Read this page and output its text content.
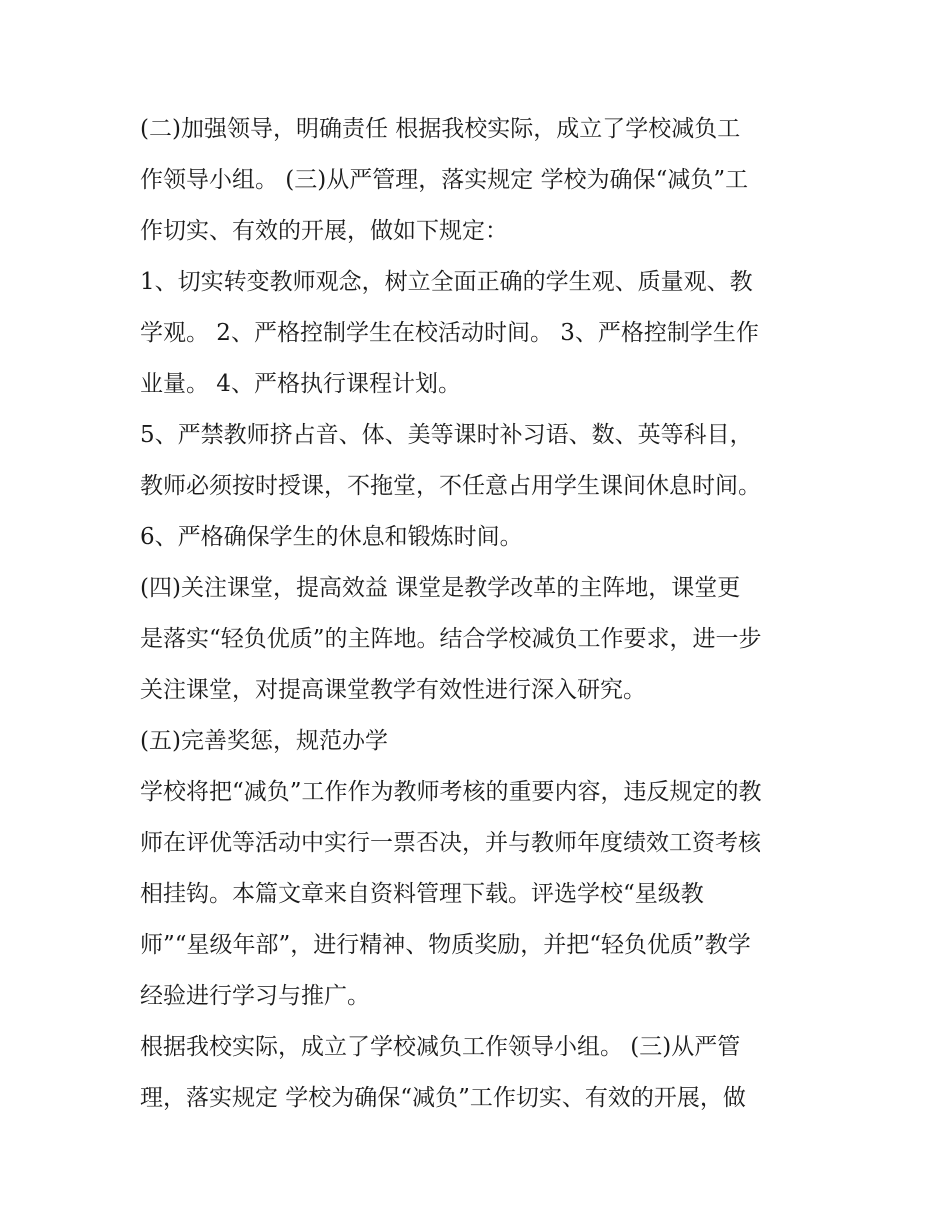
(二)加强领导，明确责任 根据我校实际，成立了学校减负工

作领导小组。 (三)从严管理，落实规定 学校为确保“减负”工

作切实、有效的开展，做如下规定：

1、切实转变教师观念，树立全面正确的学生观、质量观、教

学观。 2、严格控制学生在校活动时间。 3、严格控制学生作

业量。 4、严格执行课程计划。

5、严禁教师挤占音、体、美等课时补习语、数、英等科目，

教师必须按时授课，不拖堂，不任意占用学生课间休息时间。

6、严格确保学生的休息和锻炼时间。

(四)关注课堂，提高效益 课堂是教学改革的主阵地，课堂更

是落实“轻负优质”的主阵地。结合学校减负工作要求，进一步

关注课堂，对提高课堂教学有效性进行深入研究。

(五)完善奖惩，规范办学

学校将把“减负”工作作为教师考核的重要内容，违反规定的教

师在评优等活动中实行一票否决，并与教师年度绩效工资考核

相挂钩。本篇文章来自资料管理下载。评选学校“星级教

师”“星级年部”，进行精神、物质奖励，并把“轻负优质”教学

经验进行学习与推广。

根据我校实际，成立了学校减负工作领导小组。 (三)从严管

理，落实规定 学校为确保“减负”工作切实、有效的开展，做
